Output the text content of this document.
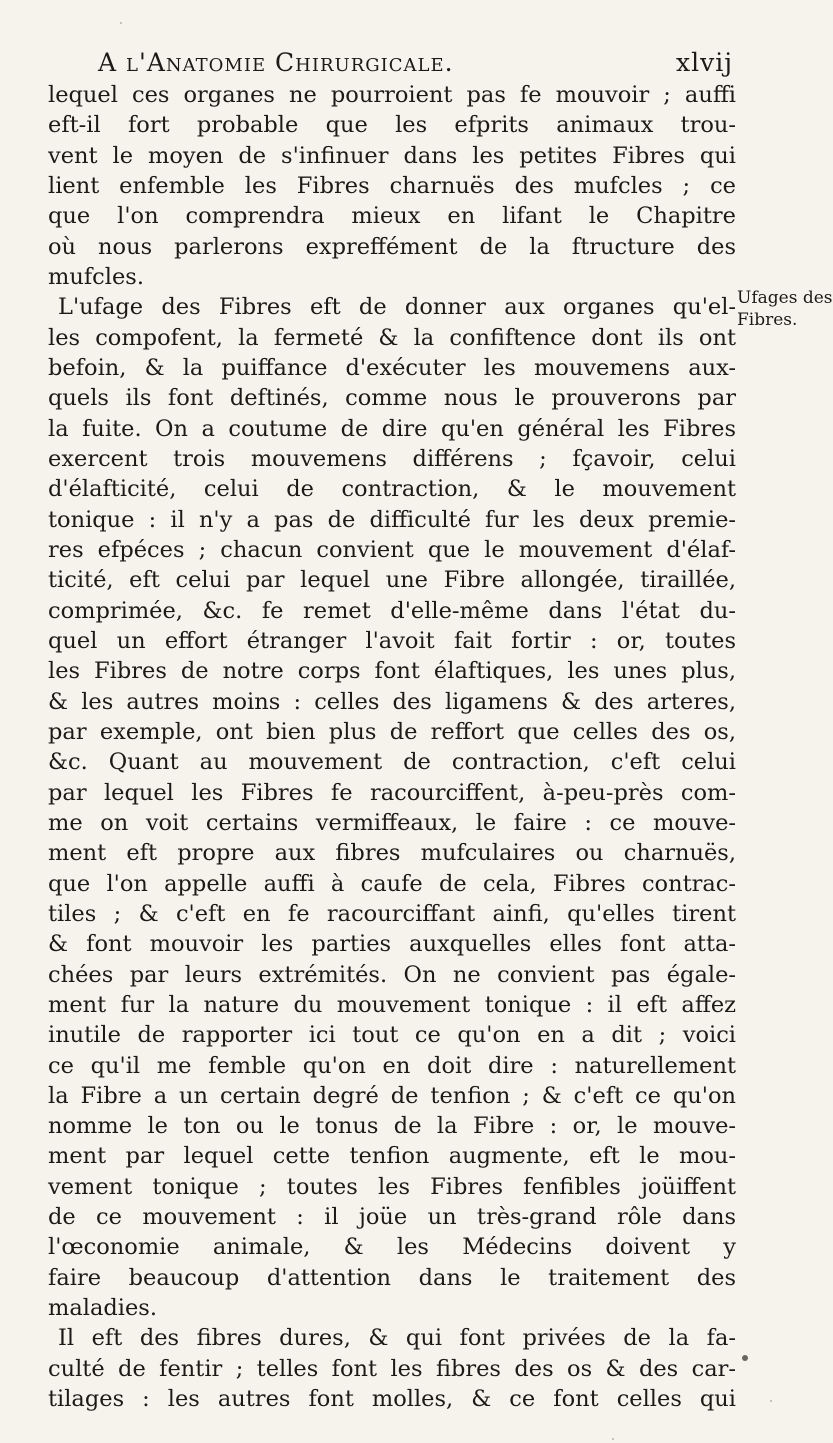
A l'Anatomie Chirurgicale.	xlvij
lequel ces organes ne pourroient pas fe mouvoir ; auffi
eft-il fort probable que les efprits animaux trou-
vent le moyen de s'infinuer dans les petites Fibres qui
lient enfemble les Fibres charnuës des mufcles ; ce
que l'on comprendra mieux en lifant le Chapitre
où nous parlerons expreffément de la ftructure des
mufcles.
L'ufage des Fibres eft de donner aux organes qu'el-
les compofent, la fermeté & la confiftence dont ils ont
befoin, & la puiffance d'exécuter les mouvemens aux-
quels ils font deftinés, comme nous le prouverons par
la fuite. On a coutume de dire qu'en général les Fibres
exercent trois mouvemens différens ; fçavoir, celui
d'élafticité, celui de contraction, & le mouvement
tonique : il n'y a pas de difficulté fur les deux premie-
res efpéces ; chacun convient que le mouvement d'élaf-
ticité, eft celui par lequel une Fibre allongée, tiraillée,
comprimée, &c. fe remet d'elle-même dans l'état du-
quel un effort étranger l'avoit fait fortir : or, toutes
les Fibres de notre corps font élaftiques, les unes plus,
& les autres moins : celles des ligamens & des arteres,
par exemple, ont bien plus de reffort que celles des os,
&c. Quant au mouvement de contraction, c'eft celui
par lequel les Fibres fe racourciffent, à-peu-près com-
me on voit certains vermiffeaux, le faire : ce mouve-
ment eft propre aux fibres mufculaires ou charnuës,
que l'on appelle auffi à caufe de cela, Fibres contrac-
tiles ; & c'eft en fe racourciffant ainfi, qu'elles tirent
& font mouvoir les parties auxquelles elles font atta-
chées par leurs extrémités. On ne convient pas égale-
ment fur la nature du mouvement tonique : il eft affez
inutile de rapporter ici tout ce qu'on en a dit ; voici
ce qu'il me femble qu'on en doit dire : naturellement
la Fibre a un certain degré de tenfion ; & c'eft ce qu'on
nomme le ton ou le tonus de la Fibre : or, le mouve-
ment par lequel cette tenfion augmente, eft le mou-
vement tonique ; toutes les Fibres fenfibles joüiffent
de ce mouvement : il joüe un très-grand rôle dans
l'œconomie animale, & les Médecins doivent y
faire beaucoup d'attention dans le traitement des
maladies.
Il eft des fibres dures, & qui font privées de la fa-
culté de fentir ; telles font les fibres des os & des car-
tilages : les autres font molles, & ce font celles qui
Ufages des
Fibres.
